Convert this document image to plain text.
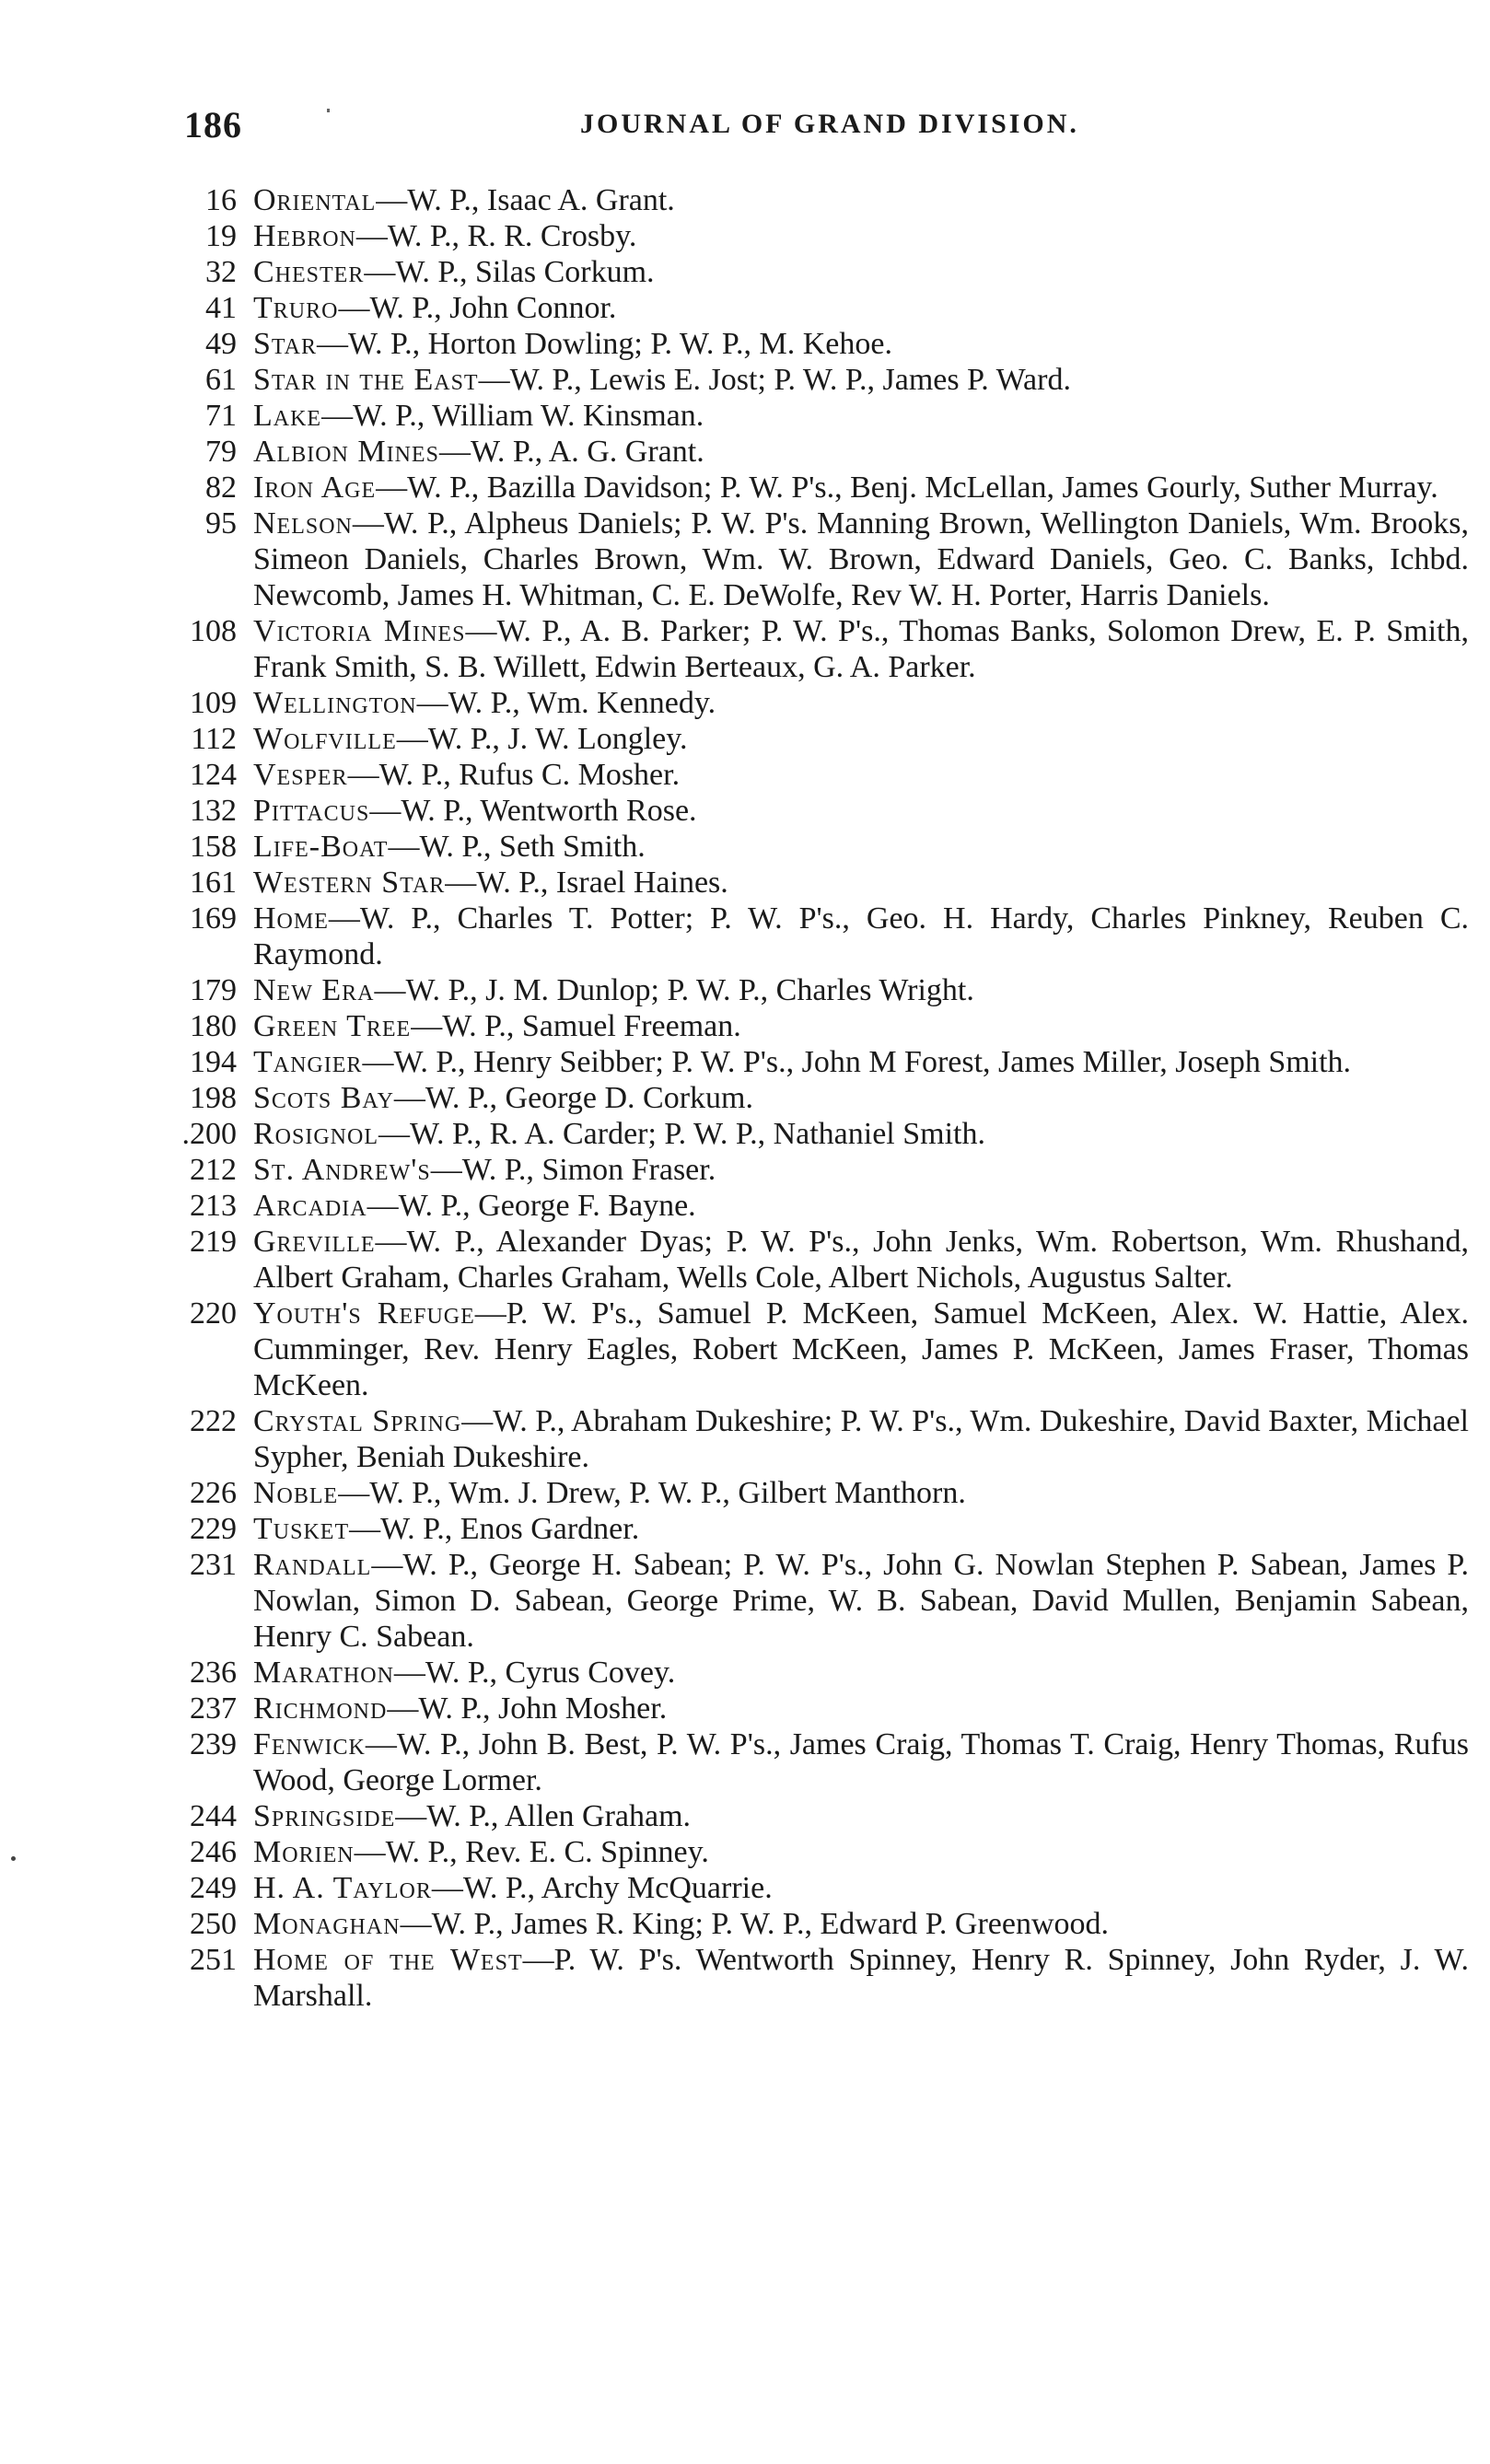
186	JOURNAL OF GRAND DIVISION.
16 Oriental—W. P., Isaac A. Grant.
19 Hebron—W. P., R. R. Crosby.
32 Chester—W. P., Silas Corkum.
41 Truro—W. P., John Connor.
49 Star—W. P., Horton Dowling; P. W. P., M. Kehoe.
61 Star in the East—W. P., Lewis E. Jost; P. W. P., James P. Ward.
71 Lake—W. P., William W. Kinsman.
79 Albion Mines—W. P., A. G. Grant.
82 Iron Age—W. P., Bazilla Davidson; P. W. P's., Benj. McLellan, James Gourly, Suther Murray.
95 Nelson—W. P., Alpheus Daniels; P. W. P's. Manning Brown, Wellington Daniels, Wm. Brooks, Simeon Daniels, Charles Brown, Wm. W. Brown, Edward Daniels, Geo. C. Banks, Ichbd. Newcomb, James H. Whitman, C. E. DeWolfe, Rev W. H. Porter, Harris Daniels.
108 Victoria Mines—W. P., A. B. Parker; P. W. P's., Thomas Banks, Solomon Drew, E. P. Smith, Frank Smith, S. B. Willett, Edwin Berteaux, G. A. Parker.
109 Wellington—W. P., Wm. Kennedy.
112 Wolfville—W. P., J. W. Longley.
124 Vesper—W. P., Rufus C. Mosher.
132 Pittacus—W. P., Wentworth Rose.
158 Life-Boat—W. P., Seth Smith.
161 Western Star—W. P., Israel Haines.
169 Home—W. P., Charles T. Potter; P. W. P's., Geo. H. Hardy, Charles Pinkney, Reuben C. Raymond.
179 New Era—W. P., J. M. Dunlop; P. W. P., Charles Wright.
180 Green Tree—W. P., Samuel Freeman.
194 Tangier—W. P., Henry Seibber; P. W. P's., John M Forest, James Miller, Joseph Smith.
198 Scots Bay—W. P., George D. Corkum.
.200 Rosignol—W. P., R. A. Carder; P. W. P., Nathaniel Smith.
212 St. Andrew's—W. P., Simon Fraser.
213 Arcadia—W. P., George F. Bayne.
219 Greville—W. P., Alexander Dyas; P. W. P's., John Jenks, Wm. Robertson, Wm. Rhushand, Albert Graham, Charles Graham, Wells Cole, Albert Nichols, Augustus Salter.
220 Youth's Refuge—P. W. P's., Samuel P. McKeen, Samuel McKeen, Alex. W. Hattie, Alex. Cumminger, Rev. Henry Eagles, Robert McKeen, James P. McKeen, James Fraser, Thomas McKeen.
222 Crystal Spring—W. P., Abraham Dukeshire; P. W. P's., Wm. Dukeshire, David Baxter, Michael Sypher, Beniah Dukeshire.
226 Noble—W. P., Wm. J. Drew, P. W. P., Gilbert Manthorn.
229 Tusket—W. P., Enos Gardner.
231 Randall—W. P., George H. Sabean; P. W. P's., John G. Nowlan Stephen P. Sabean, James P. Nowlan, Simon D. Sabean, George Prime, W. B. Sabean, David Mullen, Benjamin Sabean, Henry C. Sabean.
236 Marathon—W. P., Cyrus Covey.
237 Richmond—W. P., John Mosher.
239 Fenwick—W. P., John B. Best, P. W. P's., James Craig, Thomas T. Craig, Henry Thomas, Rufus Wood, George Lormer.
244 Springside—W. P., Allen Graham.
246 Morien—W. P., Rev. E. C. Spinney.
249 H. A. Taylor—W. P., Archy McQuarrie.
250 Monaghan—W. P., James R. King; P. W. P., Edward P. Greenwood.
251 Home of the West—P. W. P's. Wentworth Spinney, Henry R. Spinney, John Ryder, J. W. Marshall.
